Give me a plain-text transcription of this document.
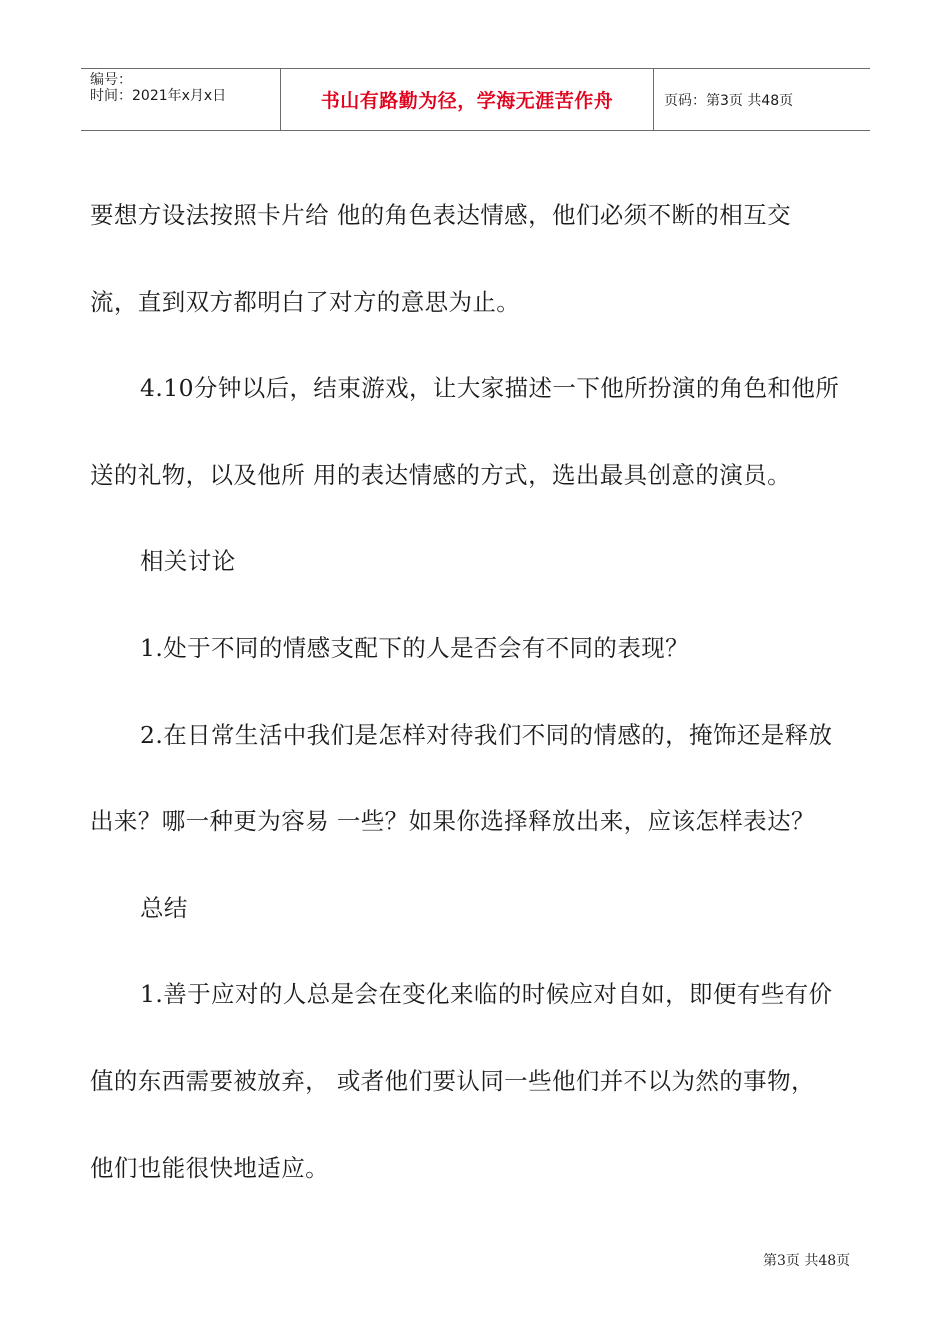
编号：
时间：2021年x月x日	书山有路勤为径，学海无涯苦作舟	页码：第3页 共48页

要想方设法按照卡片给 他的角色表达情感，他们必须不断的相互交

流，直到双方都明白了对方的意思为止。

4.10分钟以后，结束游戏，让大家描述一下他所扮演的角色和他所

送的礼物，以及他所 用的表达情感的方式，选出最具创意的演员。

相关讨论

1.处于不同的情感支配下的人是否会有不同的表现？

2.在日常生活中我们是怎样对待我们不同的情感的，掩饰还是释放

出来？哪一种更为容易 一些？如果你选择释放出来，应该怎样表达？

总结

1.善于应对的人总是会在变化来临的时候应对自如，即便有些有价

值的东西需要被放弃， 或者他们要认同一些他们并不以为然的事物，

他们也能很快地适应。

第3页 共48页
